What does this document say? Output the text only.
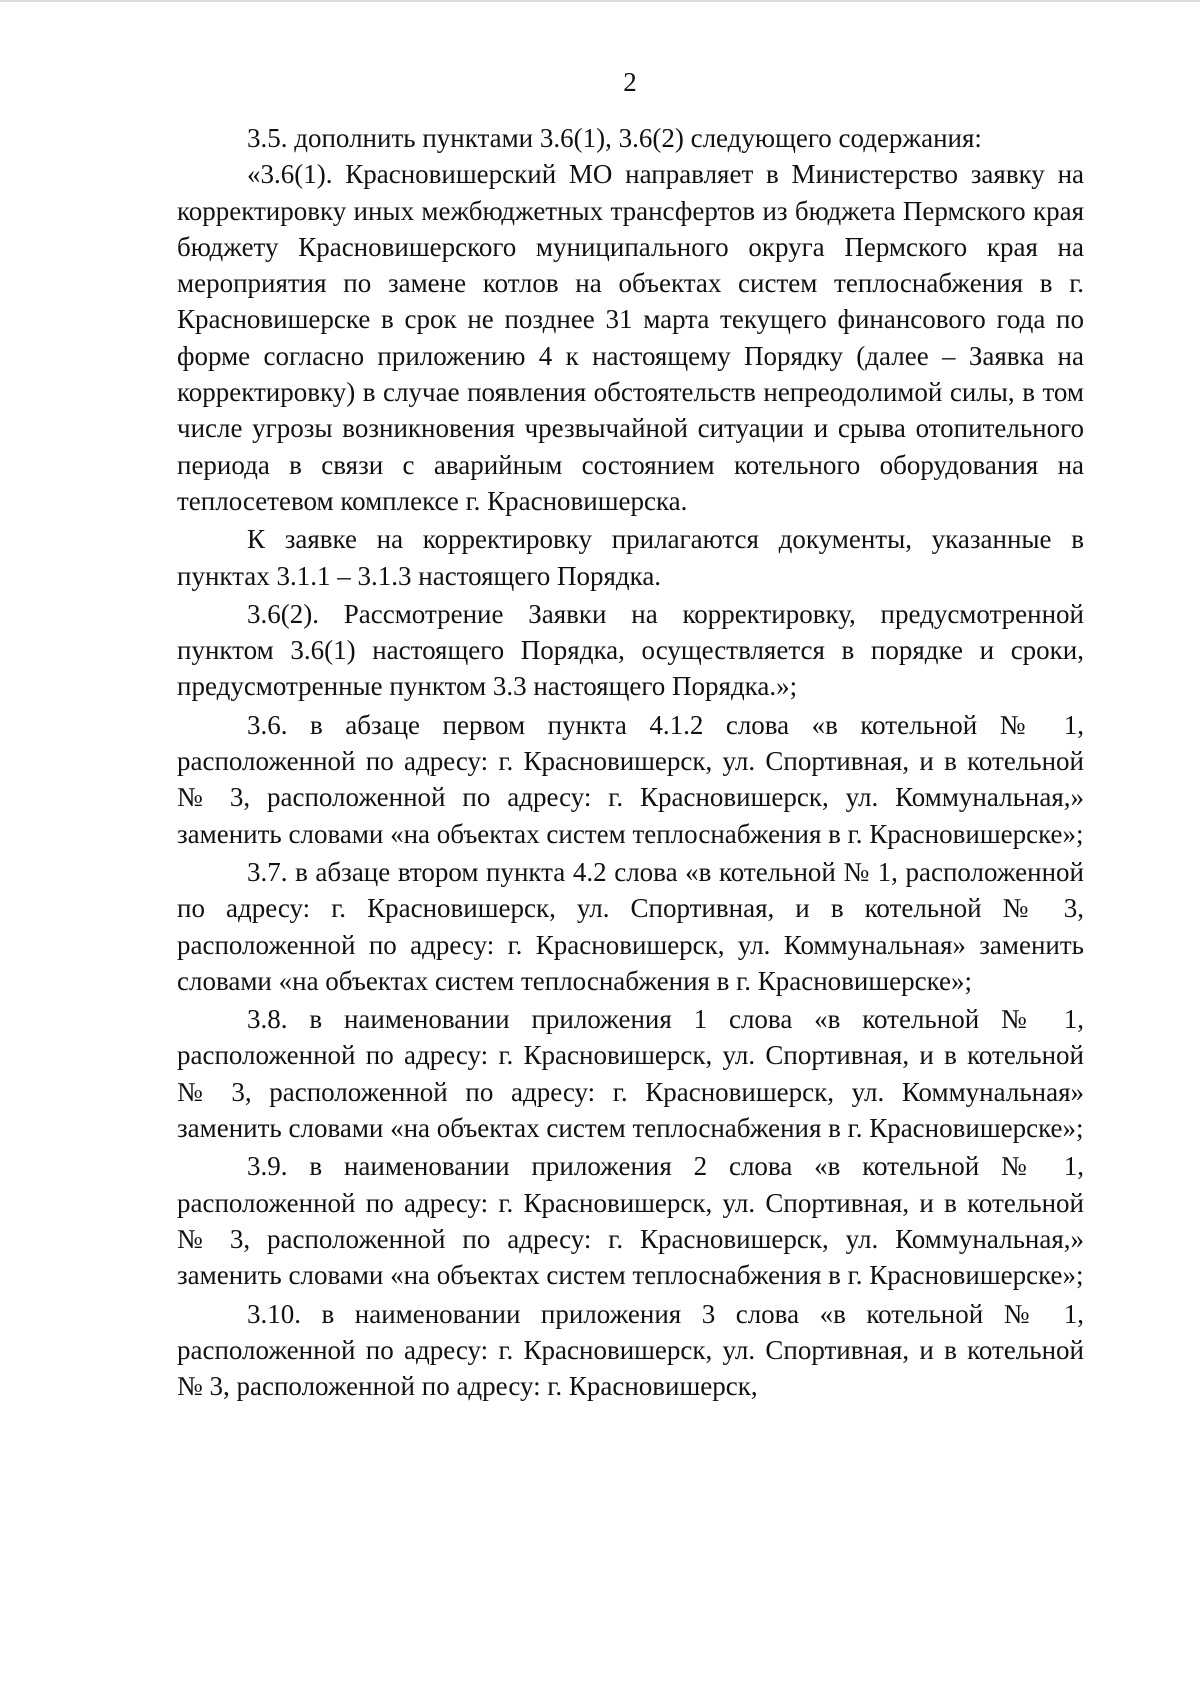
2

3.5. дополнить пунктами 3.6(1), 3.6(2) следующего содержания:

«3.6(1). Красновишерский МО направляет в Министерство заявку на корректировку иных межбюджетных трансфертов из бюджета Пермского края бюджету Красновишерского муниципального округа Пермского края на мероприятия по замене котлов на объектах систем теплоснабжения в г. Красновишерске в срок не позднее 31 марта текущего финансового года по форме согласно приложению 4 к настоящему Порядку (далее – Заявка на корректировку) в случае появления обстоятельств непреодолимой силы, в том числе угрозы возникновения чрезвычайной ситуации и срыва отопительного периода в связи с аварийным состоянием котельного оборудования на теплосетевом комплексе г. Красновишерска.

К заявке на корректировку прилагаются документы, указанные в пунктах 3.1.1 – 3.1.3 настоящего Порядка.

3.6(2). Рассмотрение Заявки на корректировку, предусмотренной пунктом 3.6(1) настоящего Порядка, осуществляется в порядке и сроки, предусмотренные пунктом 3.3 настоящего Порядка.»;

3.6. в абзаце первом пункта 4.1.2 слова «в котельной № 1, расположенной по адресу: г. Красновишерск, ул. Спортивная, и в котельной № 3, расположенной по адресу: г. Красновишерск, ул. Коммунальная,» заменить словами «на объектах систем теплоснабжения в г. Красновишерске»;

3.7. в абзаце втором пункта 4.2 слова «в котельной № 1, расположенной по адресу: г. Красновишерск, ул. Спортивная, и в котельной № 3, расположенной по адресу: г. Красновишерск, ул. Коммунальная» заменить словами «на объектах систем теплоснабжения в г. Красновишерске»;

3.8. в наименовании приложения 1 слова «в котельной № 1, расположенной по адресу: г. Красновишерск, ул. Спортивная, и в котельной № 3, расположенной по адресу: г. Красновишерск, ул. Коммунальная» заменить словами «на объектах систем теплоснабжения в г. Красновишерске»;

3.9. в наименовании приложения 2 слова «в котельной № 1, расположенной по адресу: г. Красновишерск, ул. Спортивная, и в котельной № 3, расположенной по адресу: г. Красновишерск, ул. Коммунальная,» заменить словами «на объектах систем теплоснабжения в г. Красновишерске»;

3.10. в наименовании приложения 3 слова «в котельной № 1, расположенной по адресу: г. Красновишерск, ул. Спортивная, и в котельной № 3, расположенной по адресу: г. Красновишерск,
